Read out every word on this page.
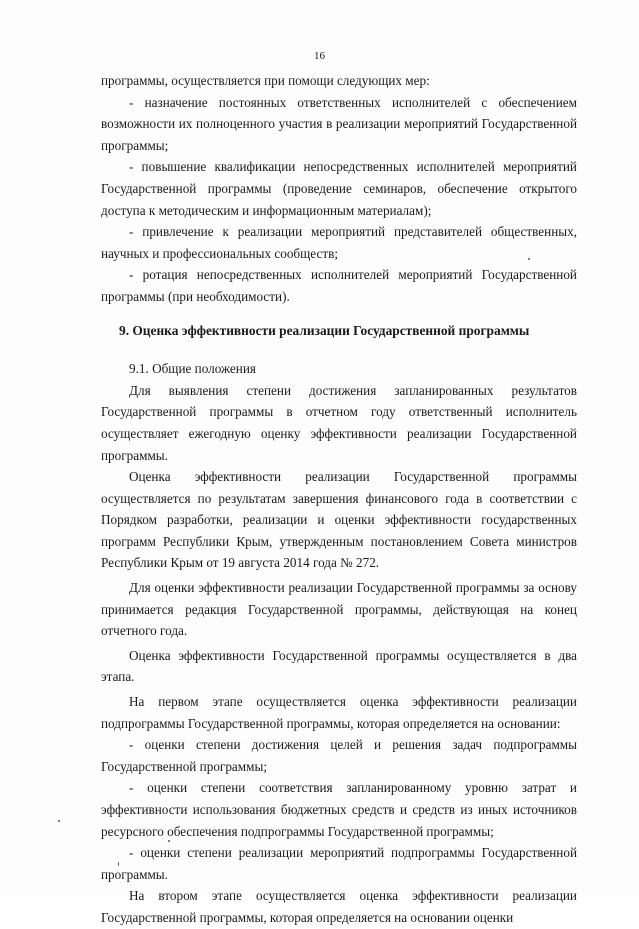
16

программы, осуществляется при помощи следующих мер:

- назначение постоянных ответственных исполнителей с обеспечением возможности их полноценного участия в реализации мероприятий Государственной программы;

- повышение квалификации непосредственных исполнителей мероприятий Государственной программы (проведение семинаров, обеспечение открытого доступа к методическим и информационным материалам);

- привлечение к реализации мероприятий представителей общественных, научных и профессиональных сообществ;

- ротация непосредственных исполнителей мероприятий Государственной программы (при необходимости).

9. Оценка эффективности реализации Государственной программы

9.1. Общие положения

Для выявления степени достижения запланированных результатов Государственной программы в отчетном году ответственный исполнитель осуществляет ежегодную оценку эффективности реализации Государственной программы.

Оценка эффективности реализации Государственной программы осуществляется по результатам завершения финансового года в соответствии с Порядком разработки, реализации и оценки эффективности государственных программ Республики Крым, утвержденным постановлением Совета министров Республики Крым от 19 августа 2014 года № 272.

Для оценки эффективности реализации Государственной программы за основу принимается редакция Государственной программы, действующая на конец отчетного года.

Оценка эффективности Государственной программы осуществляется в два этапа.

На первом этапе осуществляется оценка эффективности реализации подпрограммы Государственной программы, которая определяется на основании:

- оценки степени достижения целей и решения задач подпрограммы Государственной программы;

- оценки степени соответствия запланированному уровню затрат и эффективности использования бюджетных средств и средств из иных источников ресурсного обеспечения подпрограммы Государственной программы;

- оценки степени реализации мероприятий подпрограммы Государственной программы.

На втором этапе осуществляется оценка эффективности реализации Государственной программы, которая определяется на основании оценки
